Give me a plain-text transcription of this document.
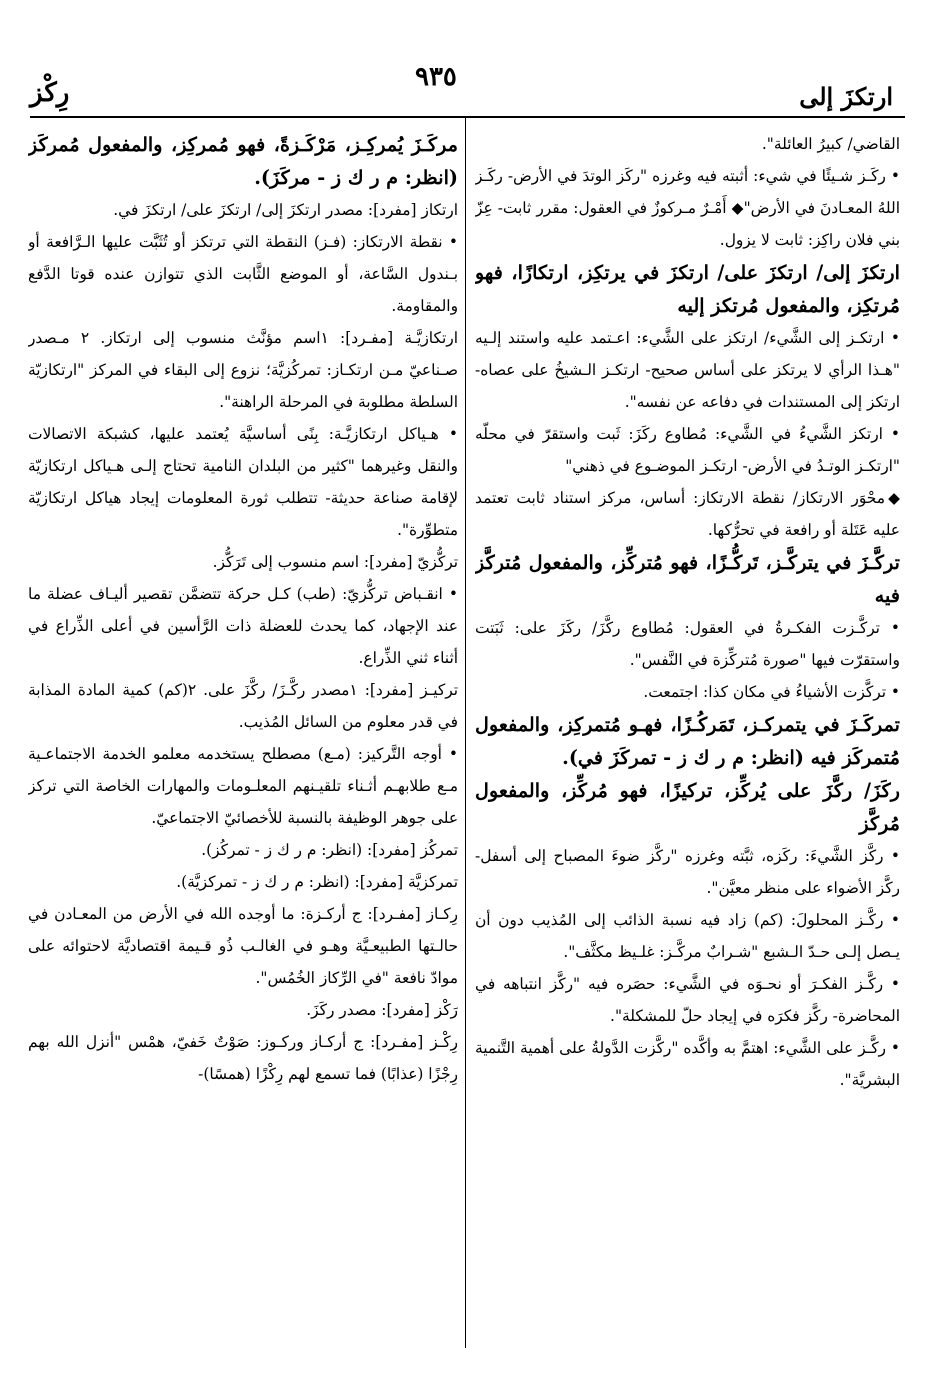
رِكْز
٩٣٥
ارتكزَ إلى

القاضي/ كبيرُ العائلة".

• ركَـز شـيئًا في شيء: أثبته فيه وغرزه "ركَز الوتدَ في الأرض- ركَـز اللهُ المعـادنَ في الأرض"◆ أَمْـرٌ مـركوزٌ في العقول: مقرر ثابت- عِزّ بني فلان راكِز: ثابت لا يزول.

ارتكزَ إلى/ ارتكزَ على/ ارتكزَ في يرتكِز، ارتكازًا، فهو مُرتكِز، والمفعول مُرتكز إليه

• ارتكـز إلى الشَّيء/ ارتكز على الشَّيء: اعـتمد عليه واستند إلـيه "هـذا الرأي لا يرتكز على أساس صحيح- ارتكـز الـشيخُ على عصاه- ارتكز إلى المستندات في دفاعه عن نفسه".

• ارتكز الشَّيءُ في الشَّيء: مُطاوع ركَزَ: ثَبت واستقرّ في محلّه "ارتكـز الوتـدُ في الأرض- ارتكـز الموضـوع في ذهني"

◆محْوَر الارتكاز/ نقطة الارتكاز: أساس، مركز استناد ثابت تعتمد عليه عَتَلة أو رافعة في تحرُّكها.

تركَّـزَ في يتركَّـز، تَركُّـزًا، فهو مُتركِّز، والمفعول مُتركَّز فيه

• تركَّـزت الفكـرةُ في العقول: مُطاوع ركَّزَ/ ركَزَ على: ثَبَتت واستقرّت فيها "صورة مُتركِّزة في النَّفس".

• تركَّزت الأشياءُ في مكان كذا: اجتمعت.

تمركَـزَ في يتمركـز، تَمَركُـزًا، فهـو مُتمركِز، والمفعول مُتمركَز فيه (انظر: م ر ك ز - تمركَزَ في).

ركَزَ/ ركَّزَ على يُركِّز، تركيزًا، فهو مُركِّز، والمفعول مُركَّز

• ركَّز الشَّيءَ: ركَزه، ثبَّته وغرزه "ركَّز ضوءَ المصباح إلى أسفل- ركَّز الأضواء على منظر معيَّن".

• ركَّـز المحلولَ: (كم) زاد فيه نسبة الذائب إلى المُذيب دون أن يـصل إلـى حـدّ الـشبع "شـرابٌ مركَّـز: غلـيظ مكثَّف".

• ركَّـز الفكـرَ أو نحـوَه في الشَّيء: حصَره فيه "ركَّز انتباهه في المحاضرة- ركَّز فكرَه في إيجاد حلّ للمشكلة".

• ركَّـز على الشَّيء: اهتمَّ به وأكَّده "ركَّزت الدَّولةُ على أهمية التَّنمية البشريَّة".

مركَـزَ يُمركِـز، مَرْكَـزةً، فهو مُمركِز، والمفعول مُمركَز (انظر: م ر ك ز - مركَزَ).

ارتكاز [مفرد]: مصدر ارتكزَ إلى/ ارتكزَ على/ ارتكزَ في.

• نقطة الارتكاز: (فـز) النقطة التي ترتكز أو تُثَبَّت عليها الـرَّافعة أو بـندول السَّاعة، أو الموضع الثَّابت الذي تتوازن عنده قوتا الدَّفع والمقاومة.

ارتكازيَّـة [مفـرد]: ١اسم مؤنَّث منسوب إلى ارتكاز. ٢ مـصدر صـناعيّ مـن ارتكـاز: تمركُزيَّة؛ نزوع إلى البقاء في المركز "ارتكازيّة السلطة مطلوبة في المرحلة الراهنة".

• هـياكل ارتكازيَّـة: بِنًى أساسيَّة يُعتمد عليها، كشبكة الاتصالات والنقل وغيرهما "كثير من البلدان النامية تحتاج إلـى هـياكل ارتكازيّة لإقامة صناعة حديثة- تتطلب ثورة المعلومات إيجاد هياكل ارتكازيّة متطوِّرة".

تركُّزيّ [مفرد]: اسم منسوب إلى تَرَكُّز.

• انقـباض تركُّزيّ: (طب) كـل حركة تتضمَّن تقصير أليـاف عضلة ما عند الإجهاد، كما يحدث للعضلة ذات الرَّأسين في أعلى الذِّراع في أثناء ثني الذِّراع.

تركيـز [مفرد]: ١مصدر ركَّـزَ/ ركَّزَ على. ٢(كم) كمية المادة المذابة في قدر معلوم من السائل المُذيب.

• أوجه التَّركيز: (مـع) مصطلح يستخدمه معلمو الخدمة الاجتماعـية مـع طلابهـم أثـناء تلقيـنهم المعلـومات والمهارات الخاصة التي تركز على جوهر الوظيفة بالنسبة للأخصائيّ الاجتماعيّ.

تمركُز [مفرد]: (انظر: م ر ك ز - تمركُز).

تمركزيَّة [مفرد]: (انظر: م ر ك ز - تمركزيَّة).

رِكـاز [مفـرد]: ج أركـزة: ما أوجده الله في الأرض من المعـادن في حالـتها الطبيعـيَّة وهـو في الغالـب ذُو قـيمة اقتصاديَّة لاحتوائه على موادّ نافعة "في الرِّكاز الخُمُس".

رَكْز [مفرد]: مصدر ركَزَ.

رِكْـز [مفـرد]: ج أركـاز وركـوز: صَوْتٌ خَفيّ، همْس "أنزل الله بهم رِجْزًا (عذابًا) فما تسمع لهم رِكْزًا (همسًا)-
